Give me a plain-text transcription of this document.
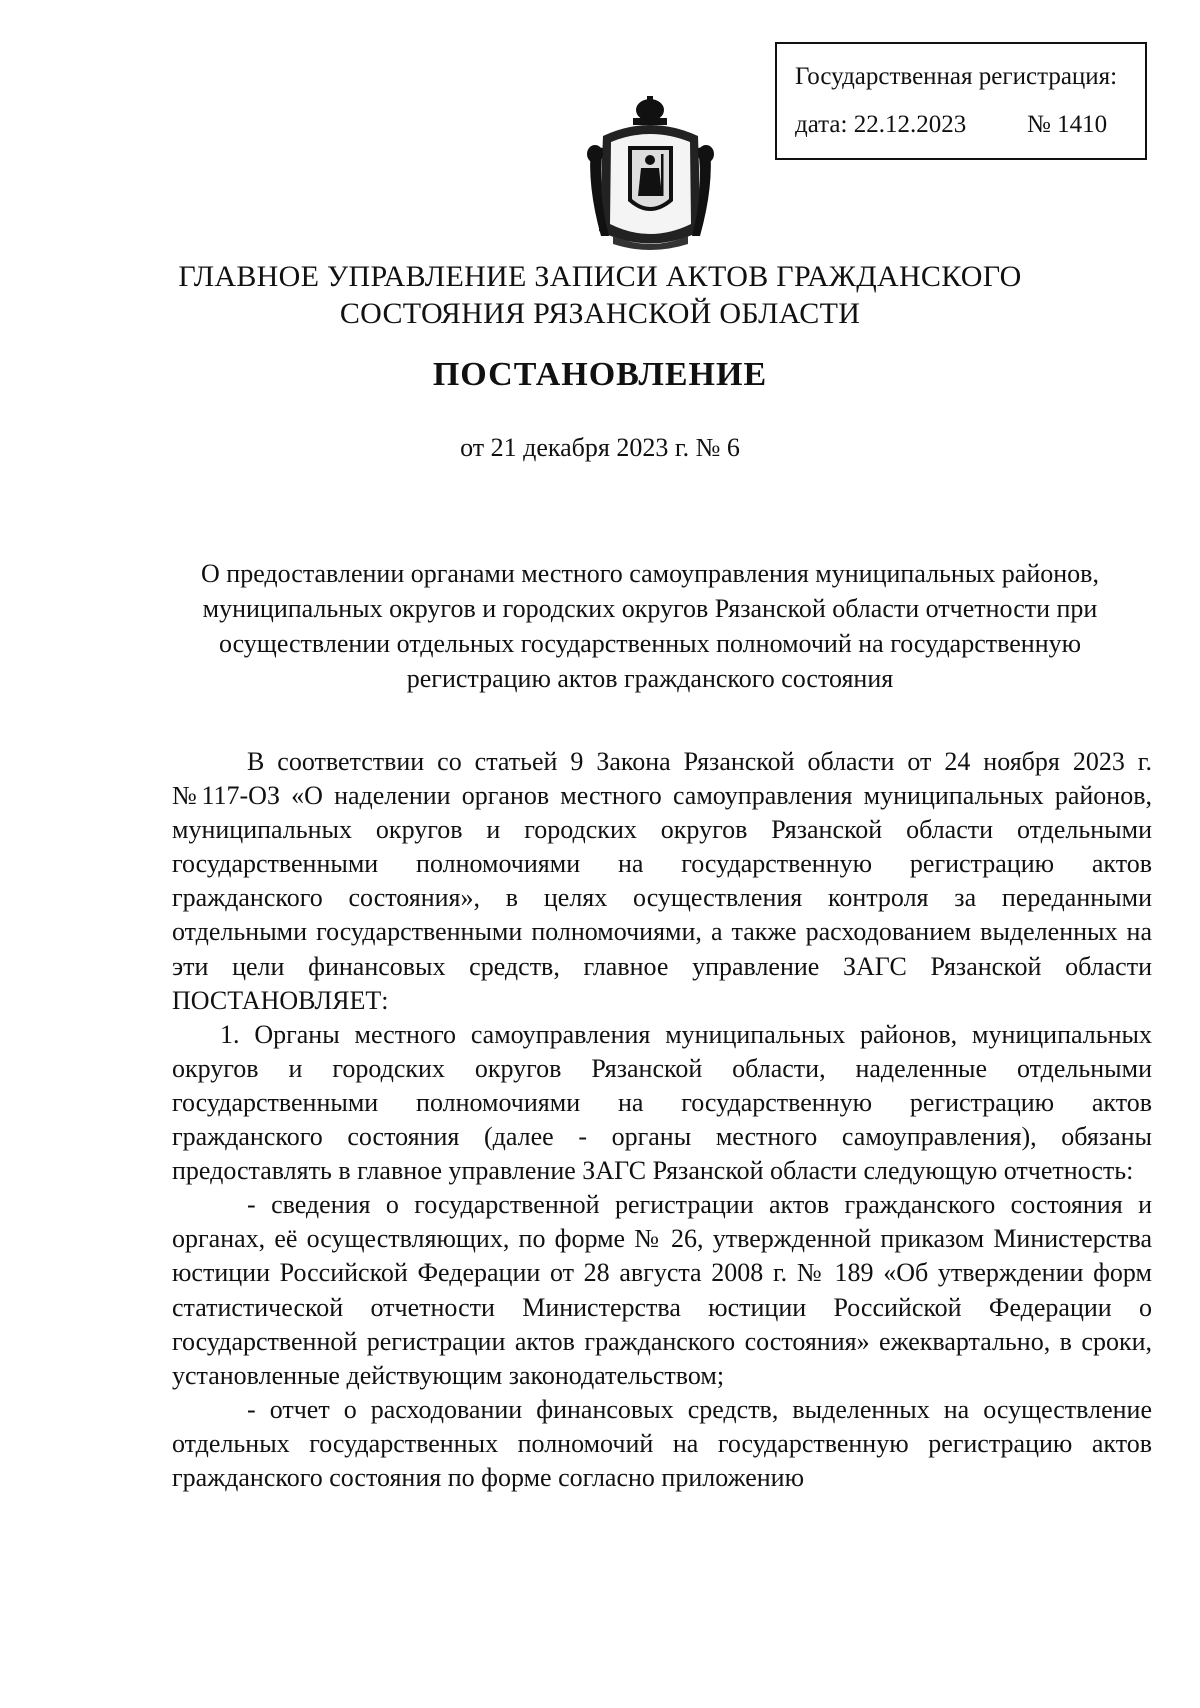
Государственная регистрация:
дата: 22.12.2023 № 1410
ГЛАВНОЕ УПРАВЛЕНИЕ ЗАПИСИ АКТОВ ГРАЖДАНСКОГО
СОСТОЯНИЯ РЯЗАНСКОЙ ОБЛАСТИ
ПОСТАНОВЛЕНИЕ
от 21 декабря 2023 г. № 6
О предоставлении органами местного самоуправления муниципальных районов, муниципальных округов и городских округов Рязанской области отчетности при осуществлении отдельных государственных полномочий на государственную регистрацию актов гражданского состояния

В соответствии со статьей 9 Закона Рязанской области от 24 ноября 2023 г. №117-ОЗ «О наделении органов местного самоуправления муниципальных районов, муниципальных округов и городских округов Рязанской области отдельными государственными полномочиями на государственную регистрацию актов гражданского состояния», в целях осуществления контроля за переданными отдельными государственными полномочиями, а также расходованием выделенных на эти цели финансовых средств, главное управление ЗАГС Рязанской области ПОСТАНОВЛЯЕТ:

1. Органы местного самоуправления муниципальных районов, муниципальных округов и городских округов Рязанской области, наделенные отдельными государственными полномочиями на государственную регистрацию актов гражданского состояния (далее - органы местного самоуправления), обязаны предоставлять в главное управление ЗАГС Рязанской области следующую отчетность:

- сведения о государственной регистрации актов гражданского состояния и органах, её осуществляющих, по форме № 26, утвержденной приказом Министерства юстиции Российской Федерации от 28 августа 2008 г. № 189 «Об утверждении форм статистической отчетности Министерства юстиции Российской Федерации о государственной регистрации актов гражданского состояния» ежеквартально, в сроки, установленные действующим законодательством;

- отчет о расходовании финансовых средств, выделенных на осуществление отдельных государственных полномочий на государственную регистрацию актов гражданского состояния по форме согласно приложению
